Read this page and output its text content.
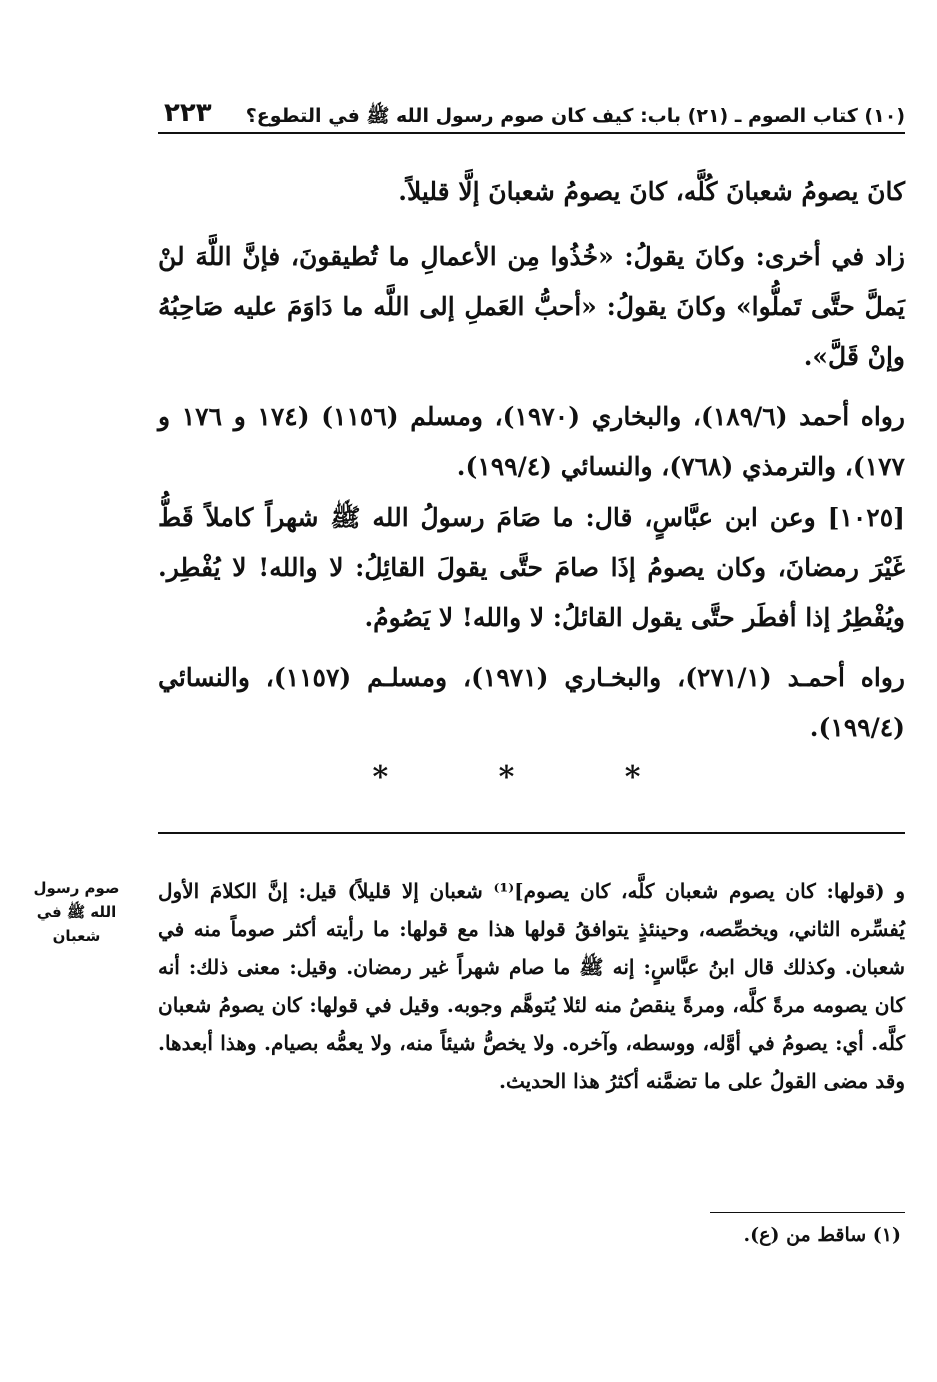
(١٠) كتاب الصوم ـ (٢١) باب: كيف كان صوم رسول الله ﷺ في التطوع؟
٢٢٣

كانَ يصومُ شعبانَ كُلَّه، كانَ يصومُ شعبانَ إلَّا قليلاً.

زاد في أخرى: وكانَ يقولُ: «خُذُوا مِن الأعمالِ ما تُطيقونَ، فإنَّ اللَّهَ لنْ يَملَّ حتَّى تَملُّوا» وكانَ يقولُ: «أحبُّ العَملِ إلى اللَّه ما دَاوَمَ عليه صَاحِبُهُ وإنْ قَلَّ».

رواه أحمد (١٨٩/٦)، والبخاري (١٩٧٠)، ومسلم (١١٥٦) (١٧٤ و ١٧٦ و ١٧٧)، والترمذي (٧٦٨)، والنسائي (١٩٩/٤).

[١٠٢٥] وعن ابن عبَّاسٍ، قال: ما صَامَ رسولُ الله ﷺ شهراً كاملاً قَطُّ غَيْرَ رمضانَ، وكان يصومُ إذَا صامَ حتَّى يقولَ القائِلُ: لا والله! لا يُفْطِر. ويُفْطِرُ إذا أفطَر حتَّى يقول القائلُ: لا والله! لا يَصُومُ.

رواه أحمـد (٢٧١/١)، والبخـاري (١٩٧١)، ومسلـم (١١٥٧)، والنسائي (١٩٩/٤).

* * *
صوم رسول الله ﷺ في شعبان

و (قولها: كان يصوم شعبان كلَّه، كان يصوم]⁽¹⁾ شعبان إلا قليلاً) قيل: إنَّ الكلامَ الأول يُفسِّره الثاني، ويخصِّصه، وحينئذٍ يتوافقُ قولها هذا مع قولها: ما رأيته أكثر صوماً منه في شعبان. وكذلك قال ابنُ عبَّاسٍ: إنه ﷺ ما صام شهراً غير رمضان. وقيل: معنى ذلك: أنه كان يصومه مرةً كلَّه، ومرةً ينقصُ منه لئلا يُتوهَّم وجوبه. وقيل في قولها: كان يصومُ شعبان كلَّه. أي: يصومُ في أوَّله، ووسطه، وآخره. ولا يخصُّ شيئاً منه، ولا يعمُّه بصيام. وهذا أبعدها. وقد مضى القولُ على ما تضمَّنه أكثرُ هذا الحديث.

(١) ساقط من (ع).
